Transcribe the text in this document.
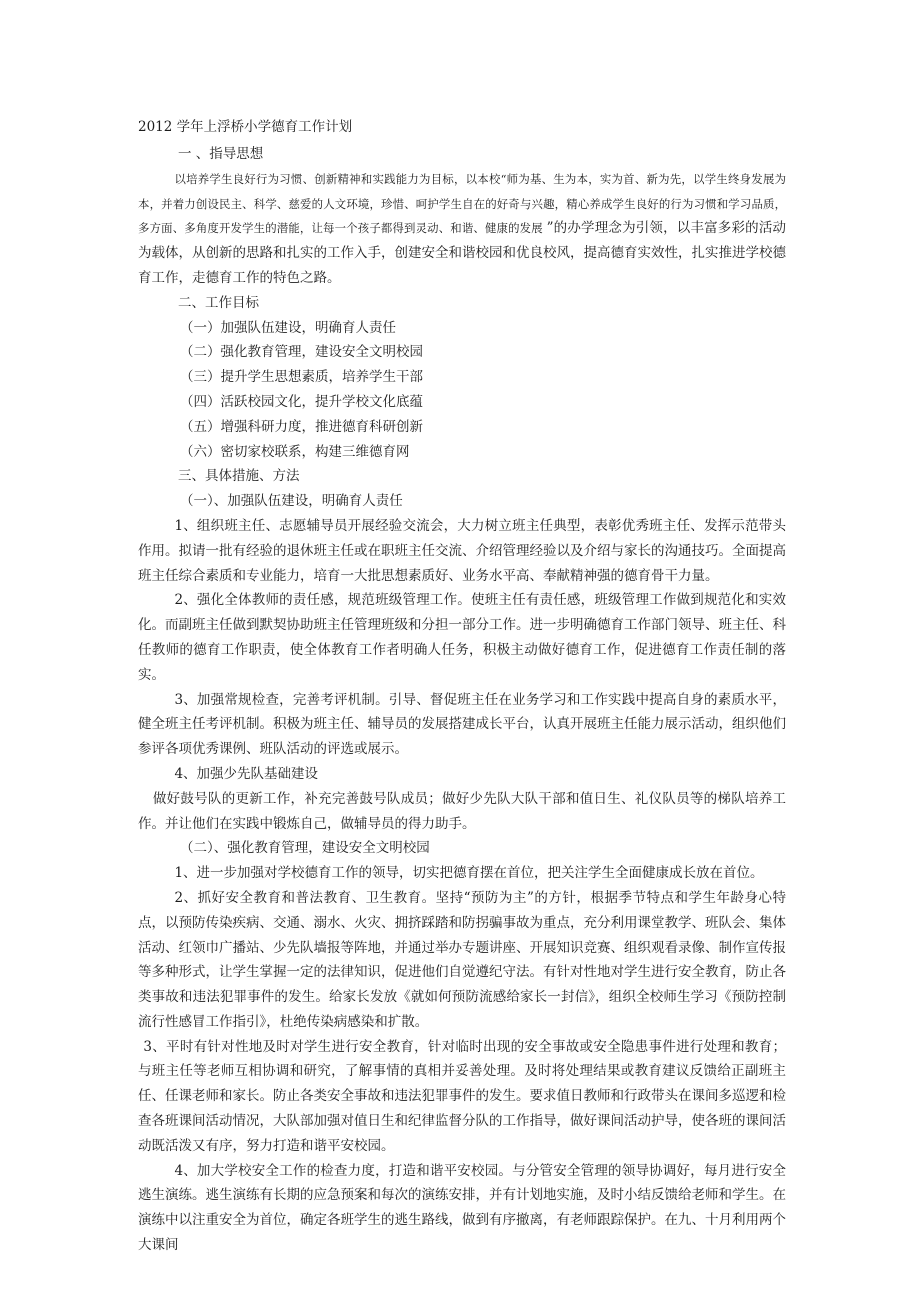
2012 学年上浮桥小学德育工作计划

一 、指导思想

以培养学生良好行为习惯、创新精神和实践能力为目标，以本校“师为基、生为本，实为首、新为先，以学生终身发展为本，并着力创设民主、科学、慈爱的人文环境，珍惜、呵护学生自在的好奇与兴趣，精心养成学生良好的行为习惯和学习品质，多方面、多角度开发学生的潜能，让每一个孩子都得到灵动、和谐、健康的发展 ”的办学理念为引领，以丰富多彩的活动为载体，从创新的思路和扎实的工作入手，创建安全和谐校园和优良校风，提高德育实效性，扎实推进学校德育工作，走德育工作的特色之路。

二、工作目标

（一）加强队伍建设，明确育人责任

（二）强化教育管理，建设安全文明校园

（三）提升学生思想素质，培养学生干部

（四）活跃校园文化，提升学校文化底蕴

（五）增强科研力度，推进德育科研创新

（六）密切家校联系，构建三维德育网

三、具体措施、方法

（一）、加强队伍建设，明确育人责任

1、组织班主任、志愿辅导员开展经验交流会，大力树立班主任典型，表彰优秀班主任、发挥示范带头作用。拟请一批有经验的退休班主任或在职班主任交流、介绍管理经验以及介绍与家长的沟通技巧。全面提高班主任综合素质和专业能力，培育一大批思想素质好、业务水平高、奉献精神强的德育骨干力量。

2、强化全体教师的责任感，规范班级管理工作。使班主任有责任感，班级管理工作做到规范化和实效化。而副班主任做到默契协助班主任管理班级和分担一部分工作。进一步明确德育工作部门领导、班主任、科任教师的德育工作职责，使全体教育工作者明确人任务，积极主动做好德育工作，促进德育工作责任制的落实。

3、加强常规检查，完善考评机制。引导、督促班主任在业务学习和工作实践中提高自身的素质水平，健全班主任考评机制。积极为班主任、辅导员的发展搭建成长平台，认真开展班主任能力展示活动，组织他们参评各项优秀课例、班队活动的评选或展示。

4、加强少先队基础建设

做好鼓号队的更新工作，补充完善鼓号队成员；做好少先队大队干部和值日生、礼仪队员等的梯队培养工作。并让他们在实践中锻炼自己，做辅导员的得力助手。

（二）、强化教育管理，建设安全文明校园

1、进一步加强对学校德育工作的领导，切实把德育摆在首位，把关注学生全面健康成长放在首位。

2、抓好安全教育和普法教育、卫生教育。坚持“预防为主”的方针，根据季节特点和学生年龄身心特点，以预防传染疾病、交通、溺水、火灾、拥挤踩踏和防拐骗事故为重点，充分利用课堂教学、班队会、集体活动、红领巾广播站、少先队墙报等阵地，并通过举办专题讲座、开展知识竞赛、组织观看录像、制作宣传报等多种形式，让学生掌握一定的法律知识，促进他们自觉遵纪守法。有针对性地对学生进行安全教育，防止各类事故和违法犯罪事件的发生。给家长发放《就如何预防流感给家长一封信》，组织全校师生学习《预防控制流行性感冒工作指引》，杜绝传染病感染和扩散。

3、平时有针对性地及时对学生进行安全教育，针对临时出现的安全事故或安全隐患事件进行处理和教育；与班主任等老师互相协调和研究，了解事情的真相并妥善处理。及时将处理结果或教育建议反馈给正副班主任、任课老师和家长。防止各类安全事故和违法犯罪事件的发生。要求值日教师和行政带头在课间多巡逻和检查各班课间活动情况，大队部加强对值日生和纪律监督分队的工作指导，做好课间活动护导，使各班的课间活动既活泼又有序，努力打造和谐平安校园。

4、加大学校安全工作的检查力度，打造和谐平安校园。与分管安全管理的领导协调好，每月进行安全逃生演练。逃生演练有长期的应急预案和每次的演练安排，并有计划地实施，及时小结反馈给老师和学生。在演练中以注重安全为首位，确定各班学生的逃生路线，做到有序撤离，有老师跟踪保护。在九、十月利用两个大课间
